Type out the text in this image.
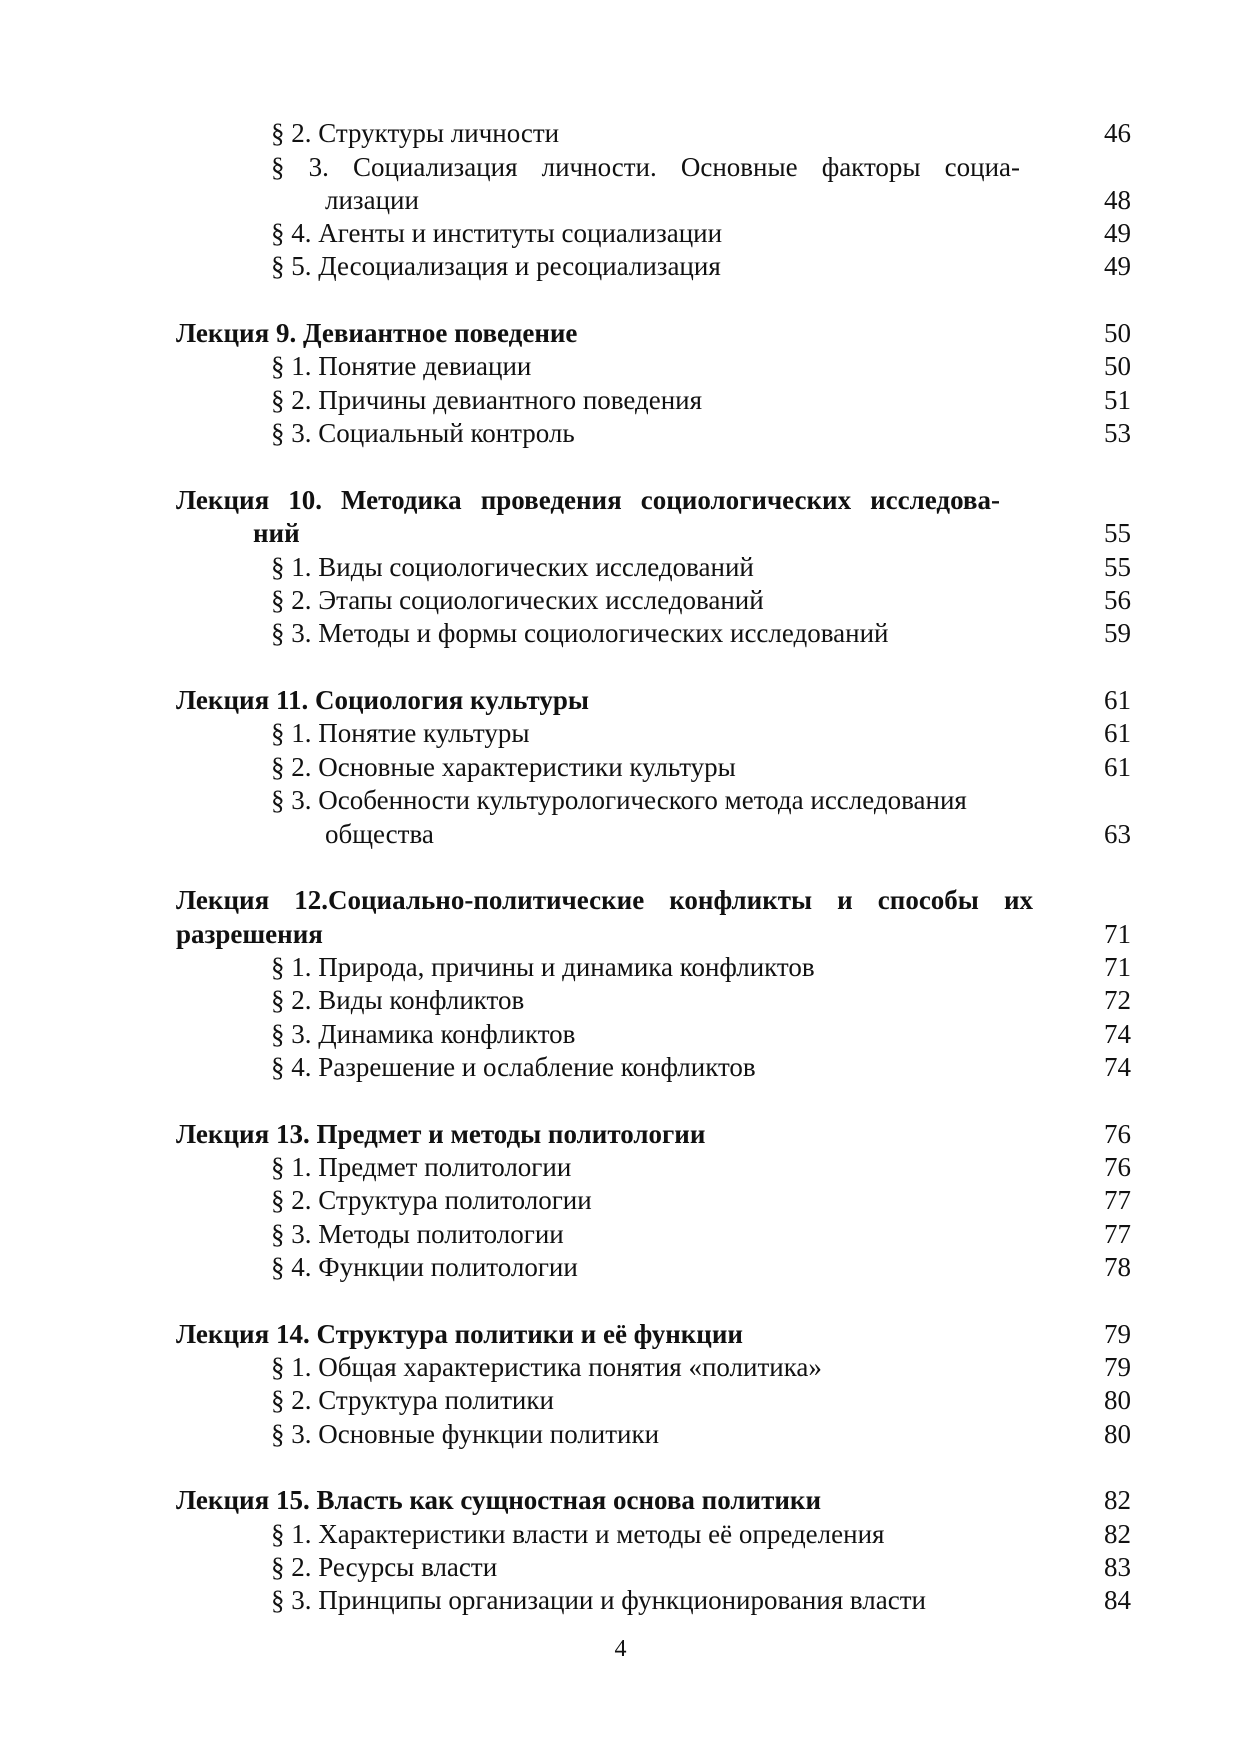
§ 2. Структуры личности	46
§ 3. Социализация личности. Основные факторы социа-
лизации	48
§ 4. Агенты и институты социализации	49
§ 5. Десоциализация и ресоциализация	49
Лекция 9. Девиантное поведение	50
§ 1. Понятие девиации	50
§ 2. Причины девиантного поведения	51
§ 3. Социальный контроль	53
Лекция 10. Методика проведения социологических исследова-
ний	55
§ 1. Виды социологических исследований	55
§ 2. Этапы социологических исследований	56
§ 3. Методы и формы социологических исследований	59
Лекция 11. Социология культуры	61
§ 1. Понятие культуры	61
§ 2. Основные характеристики культуры	61
§ 3. Особенности культурологического метода исследования
общества	63
Лекция 12.Социально-политические конфликты и способы их
разрешения	71
§ 1. Природа, причины и динамика конфликтов	71
§ 2. Виды конфликтов	72
§ 3. Динамика конфликтов	74
§ 4. Разрешение и ослабление конфликтов	74
Лекция 13. Предмет и методы политологии	76
§ 1. Предмет политологии	76
§ 2. Структура политологии	77
§ 3. Методы политологии	77
§ 4. Функции политологии	78
Лекция 14. Структура политики и её функции	79
§ 1. Общая характеристика понятия «политика»	79
§ 2. Структура политики	80
§ 3. Основные функции политики	80
Лекция 15. Власть как сущностная основа политики	82
§ 1. Характеристики власти и методы её определения	82
§ 2. Ресурсы власти	83
§ 3. Принципы организации и функционирования власти	84
4
